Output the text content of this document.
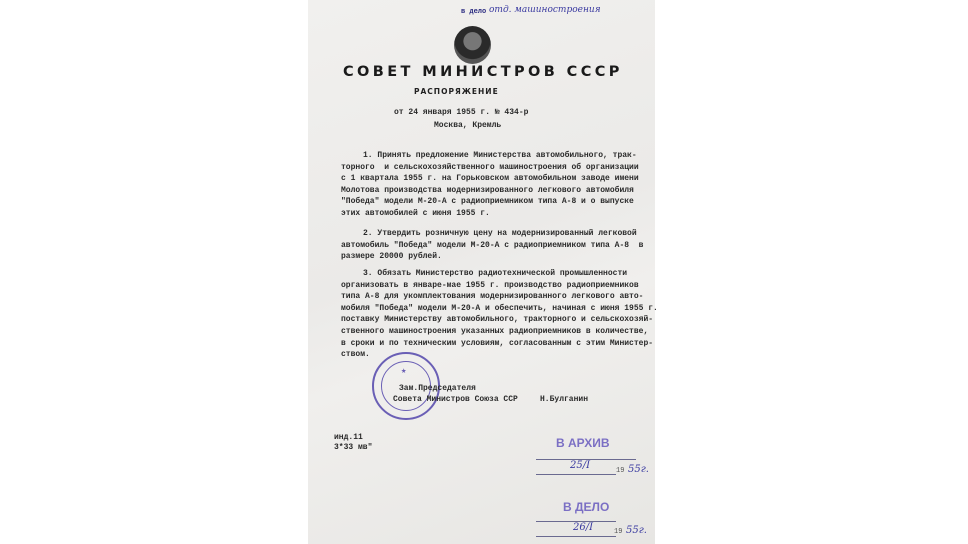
в дело отд. машиностроения
СОВЕТ МИНИСТРОВ СССР
РАСПОРЯЖЕНИЕ
от 24 января 1955 г. № 434-р
Москва, Кремль
1. Принять предложение Министерства автомобильного, трак-
торного  и сельскохозяйственного машиностроения об организации
с 1 квартала 1955 г. на Горьковском автомобильном заводе имени
Молотова производства модернизированного легкового автомобиля
"Победа" модели М-20-А с радиоприемником типа А-8 и о выпуске
этих автомобилей с июня 1955 г.
2. Утвердить розничную цену на модернизированный легковой
автомобиль "Победа" модели М-20-А с радиоприемником типа А-8  в
размере 20000 рублей.
3. Обязать Министерство радиотехнической промышленности
организовать в январе-мае 1955 г. производство радиоприемников
типа А-8 для укомплектования модернизированного легкового авто-
мобиля "Победа" модели М-20-А и обеспечить, начиная с июня 1955 г.
поставку Министерству автомобильного, тракторного и сельскохозяй-
ственного машиностроения указанных радиоприемников в количестве,
в сроки и по техническим условиям, согласованным с этим Министер-
ством.
★
Зам.Председателя
Совета Министров Союза ССР	Н.Булганин
инд.11
3*33 мв"	В АРХИВ
25/I	19 55г.
В ДЕЛО
26/I	19 55г.
